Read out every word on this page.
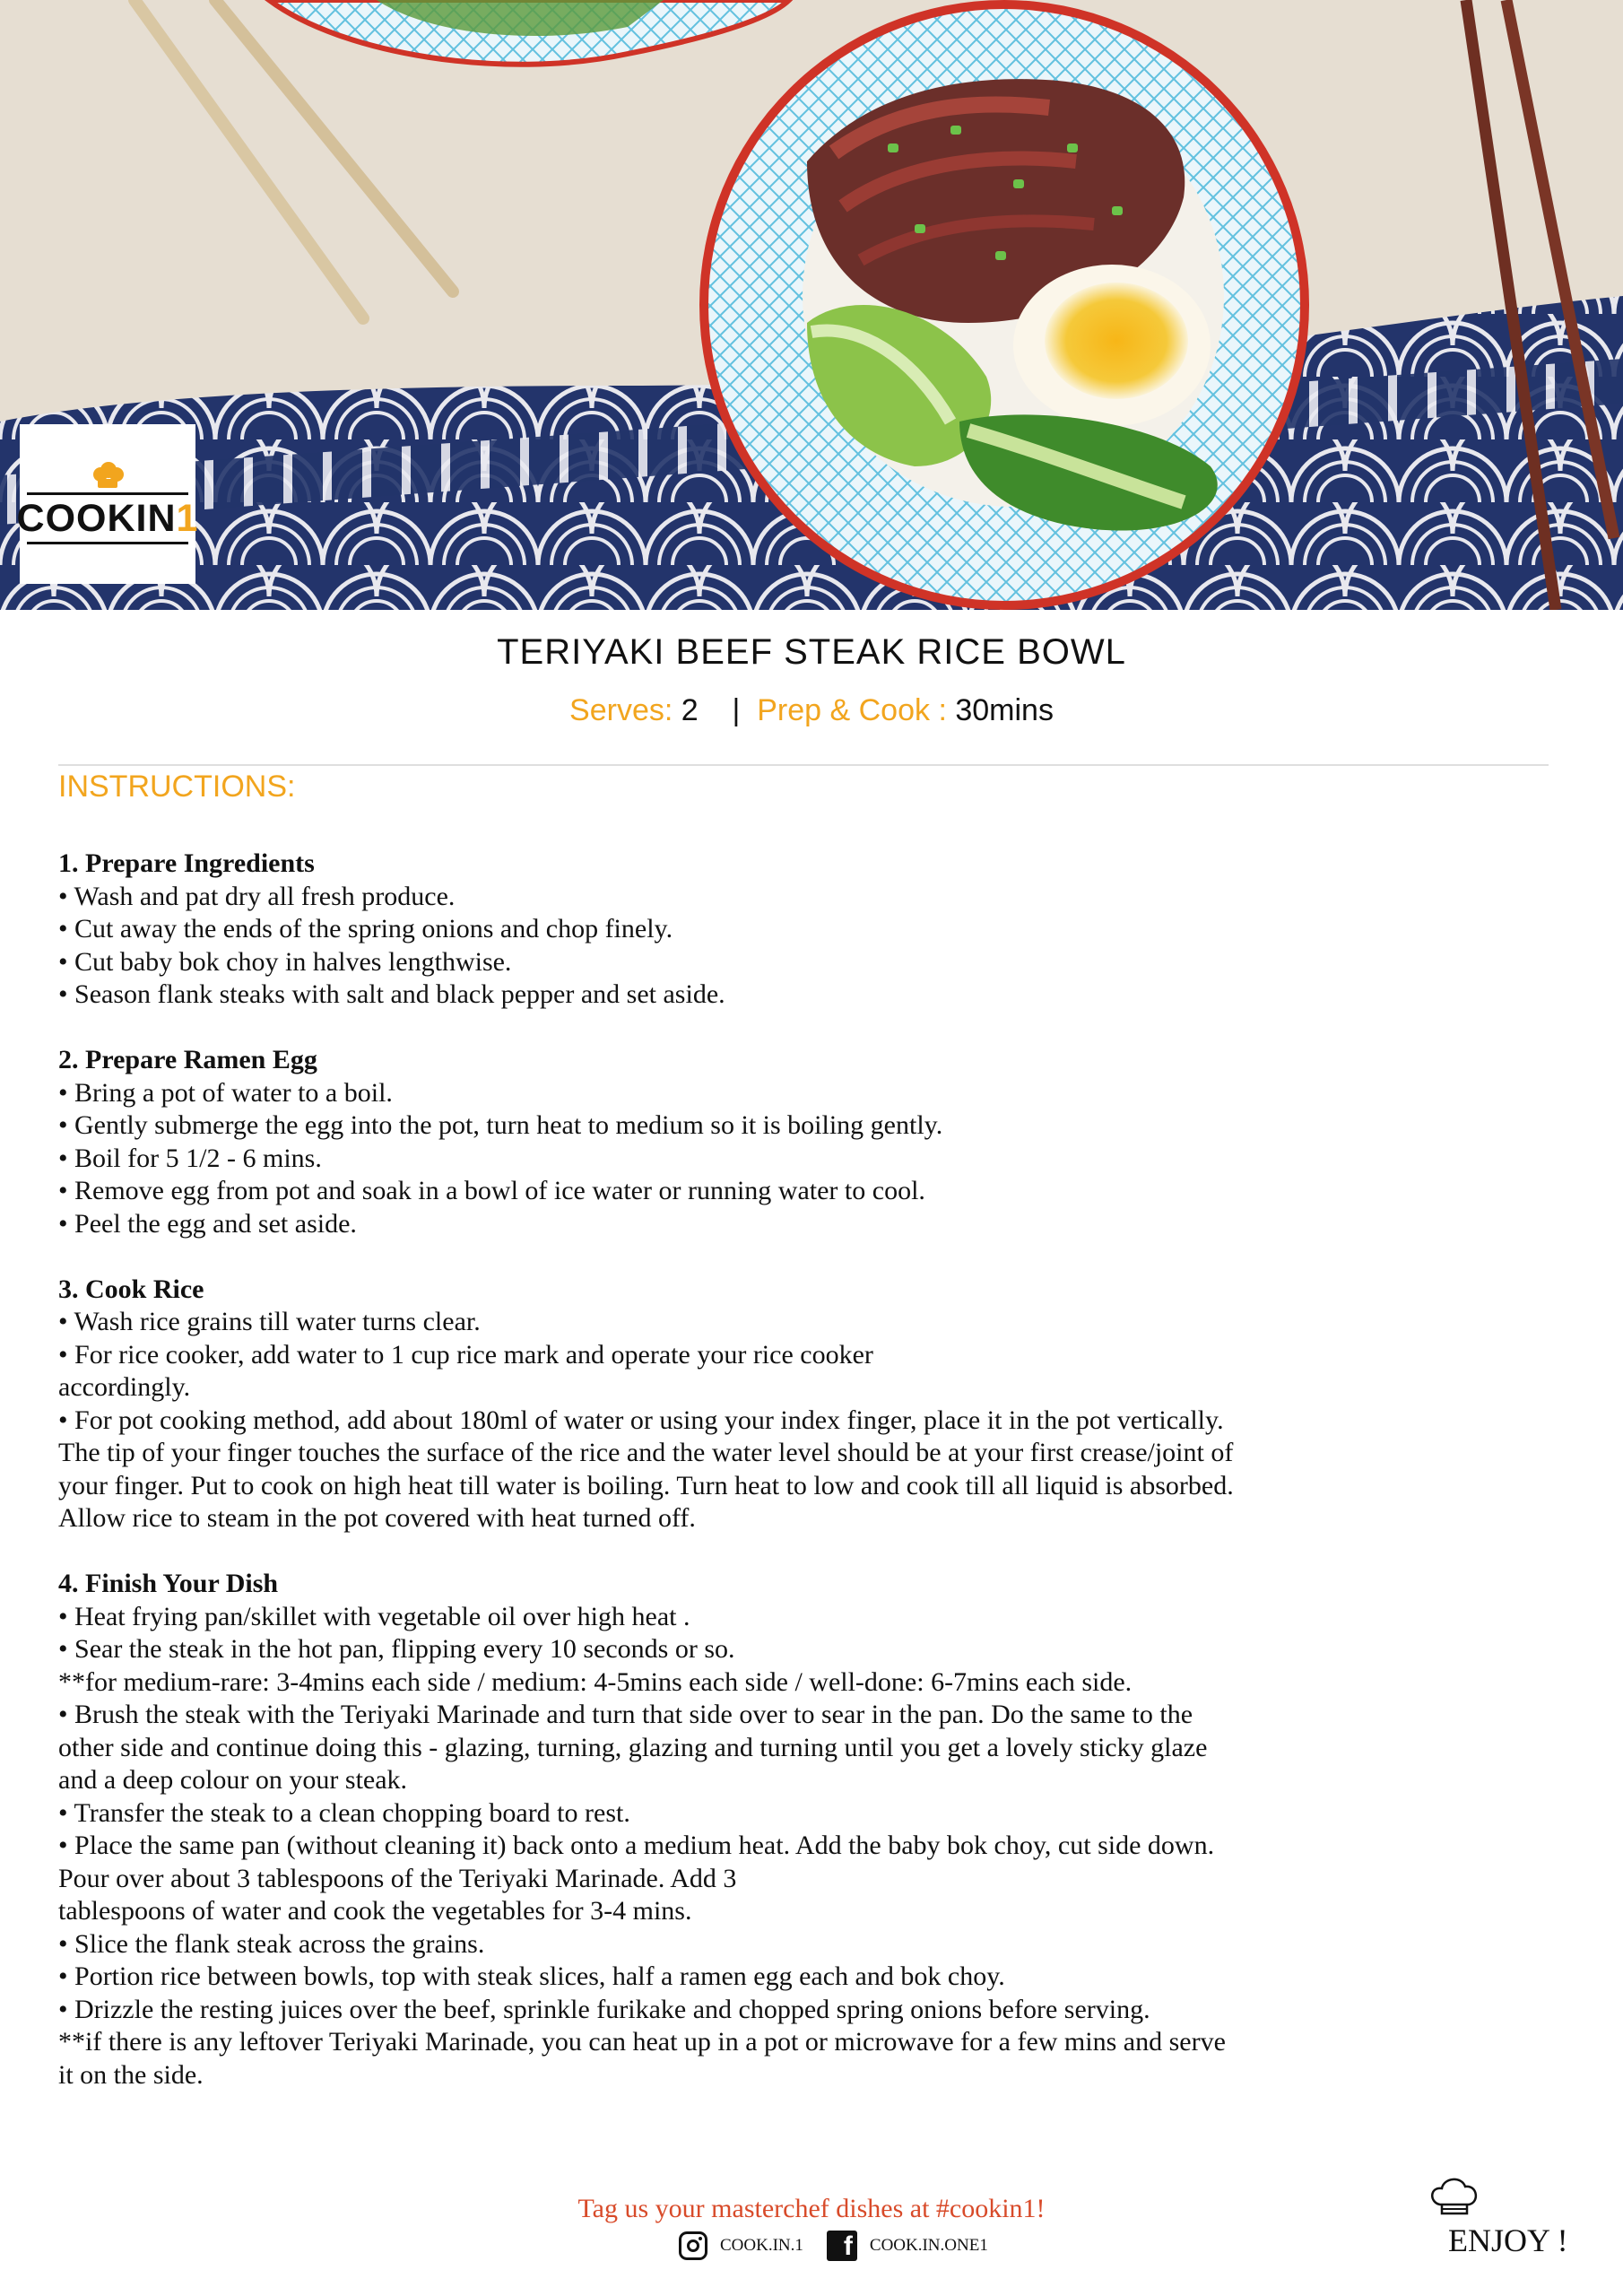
COOKIN1
TERIYAKI BEEF STEAK RICE BOWL
Serves: 2 | Prep & Cook : 30mins
INSTRUCTIONS:
1. Prepare Ingredients
• Wash and pat dry all fresh produce.
• Cut away the ends of the spring onions and chop finely.
• Cut baby bok choy in halves lengthwise.
• Season flank steaks with salt and black pepper and set aside.
2. Prepare Ramen Egg
• Bring a pot of water to a boil.
• Gently submerge the egg into the pot, turn heat to medium so it is boiling gently.
• Boil for 5 1/2 - 6 mins.
• Remove egg from pot and soak in a bowl of ice water or running water to cool.
• Peel the egg and set aside.
3. Cook Rice
• Wash rice grains till water turns clear.
• For rice cooker, add water to 1 cup rice mark and operate your rice cooker
accordingly.
• For pot cooking method, add about 180ml of water or using your index finger, place it in the pot vertically.
The tip of your finger touches the surface of the rice and the water level should be at your first crease/joint of
your finger. Put to cook on high heat till water is boiling. Turn heat to low and cook till all liquid is absorbed.
Allow rice to steam in the pot covered with heat turned off.
4. Finish Your Dish
• Heat frying pan/skillet with vegetable oil over high heat .
• Sear the steak in the hot pan, flipping every 10 seconds or so.
**for medium-rare: 3-4mins each side / medium: 4-5mins each side / well-done: 6-7mins each side.
• Brush the steak with the Teriyaki Marinade and turn that side over to sear in the pan. Do the same to the
other side and continue doing this - glazing, turning, glazing and turning until you get a lovely sticky glaze
and a deep colour on your steak.
• Transfer the steak to a clean chopping board to rest.
• Place the same pan (without cleaning it) back onto a medium heat. Add the baby bok choy, cut side down.
Pour over about 3 tablespoons of the Teriyaki Marinade. Add 3
tablespoons of water and cook the vegetables for 3-4 mins.
• Slice the flank steak across the grains.
• Portion rice between bowls, top with steak slices, half a ramen egg each and bok choy.
• Drizzle the resting juices over the beef, sprinkle furikake and chopped spring onions before serving.
**if there is any leftover Teriyaki Marinade, you can heat up in a pot or microwave for a few mins and serve
it on the side.
Tag us your masterchef dishes at #cookin1!
COOK.IN.1	f COOK.IN.ONE1	ENJOY !
